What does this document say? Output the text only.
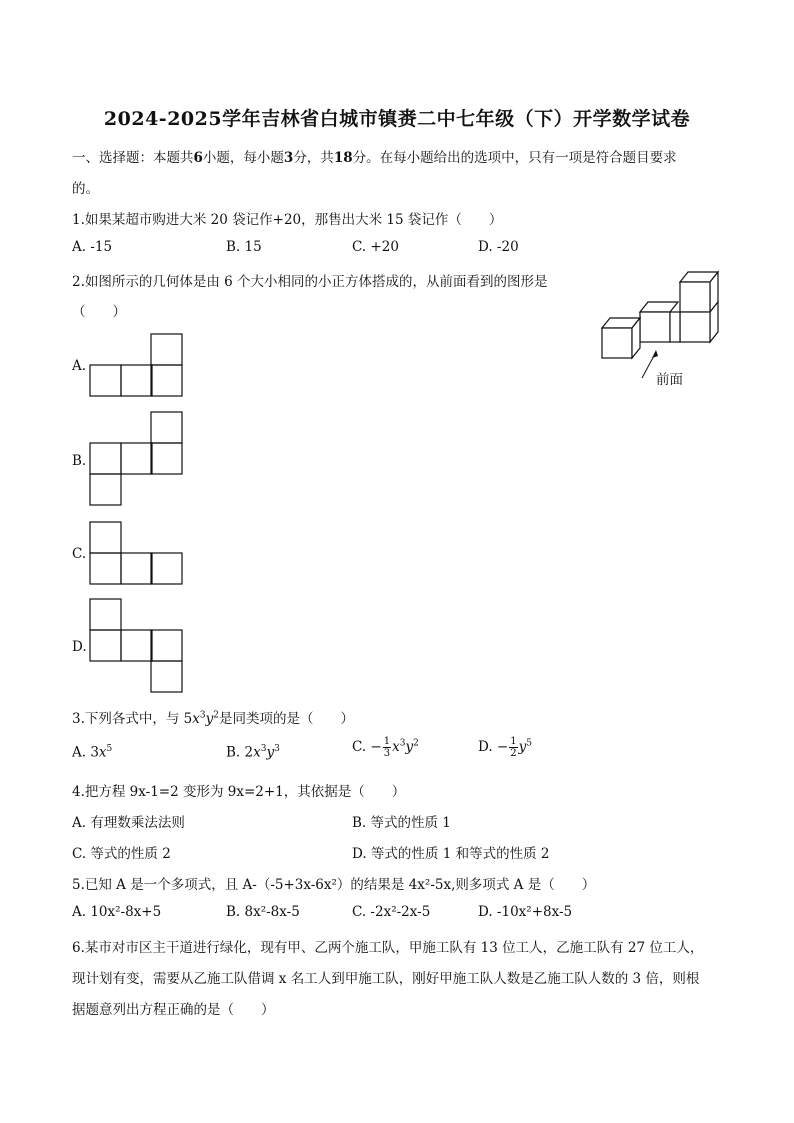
2024-2025学年吉林省白城市镇赉二中七年级（下）开学数学试卷
一、选择题：本题共6小题，每小题3分，共18分。在每小题给出的选项中，只有一项是符合题目要求
的。
1.如果某超市购进大米 20 袋记作+20，那售出大米 15 袋记作（　　）
A. -15	B. 15	C. +20	D. -20
2.如图所示的几何体是由 6 个大小相同的小正方体搭成的，从前面看到的图形是
（　　）
前面
A.
B.
C.
D.
3.下列各式中，与 $5x^3y^2$是同类项的是（　　）
A. $3x^5$	B. $2x^3y^3$	C. − $\frac{1}{3} x^3y^2$	D. − $\frac{1}{2} y^5$
4.把方程 9x-1=2 变形为 9x=2+1，其依据是（　　）
A. 有理数乘法法则	B. 等式的性质 1
C. 等式的性质 2	D. 等式的性质 1 和等式的性质 2
5.已知 A 是一个多项式，且 A-（-5+3x-6x²）的结果是 4x²-5x,则多项式 A 是（　　）
A. 10x²-8x+5	B. 8x²-8x-5	C. -2x²-2x-5	D. -10x²+8x-5
6.某市对市区主干道进行绿化，现有甲、乙两个施工队，甲施工队有 13 位工人，乙施工队有 27 位工人，
现计划有变，需要从乙施工队借调 x 名工人到甲施工队，刚好甲施工队人数是乙施工队人数的 3 倍，则根
据题意列出方程正确的是（　　）
